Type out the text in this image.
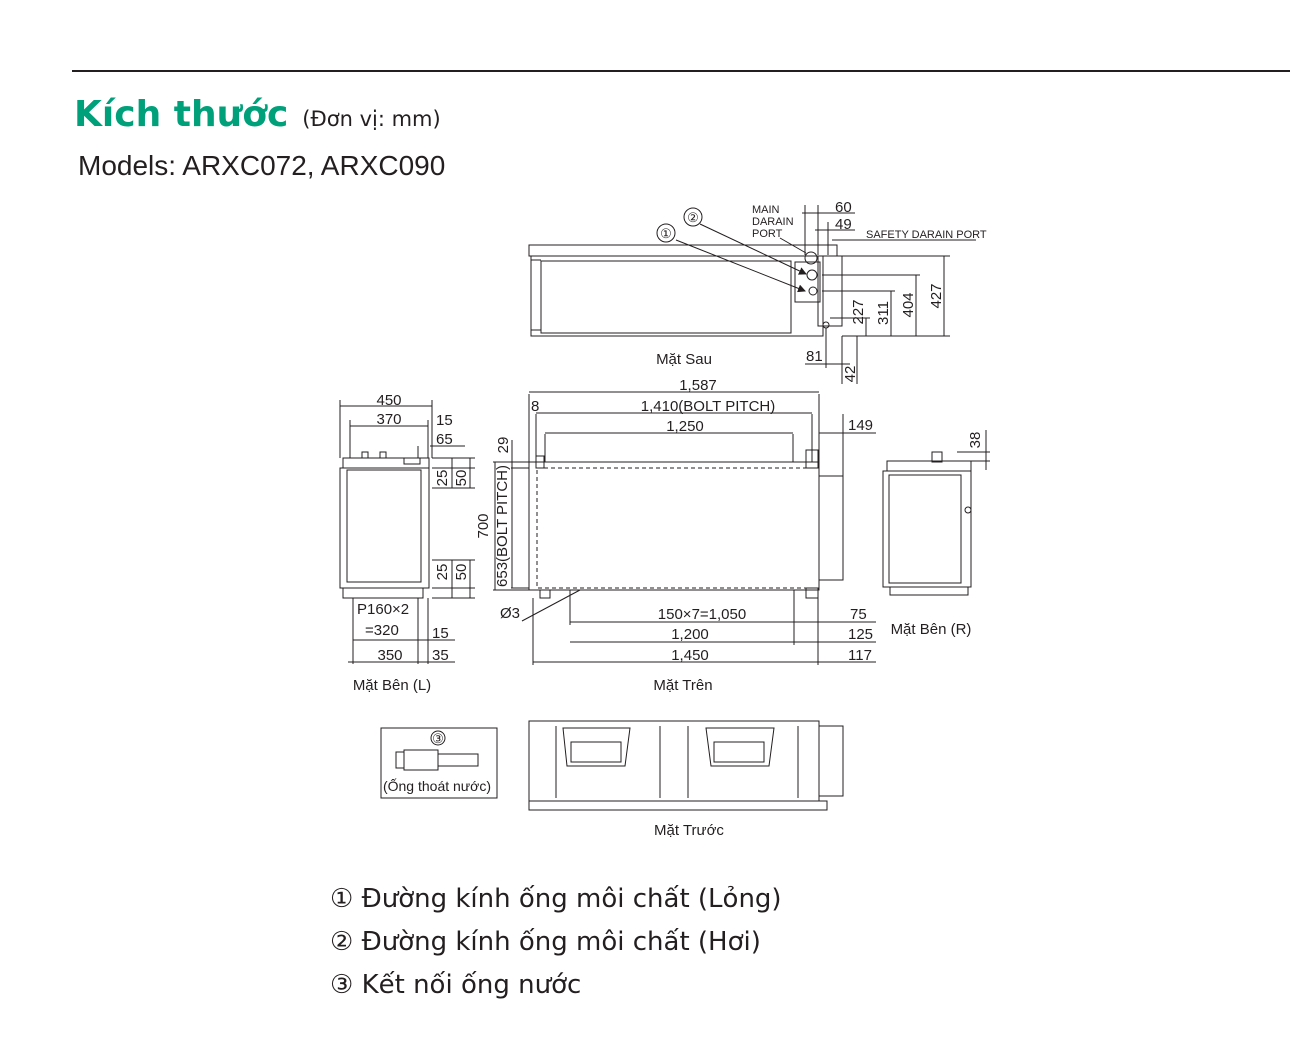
Kích thước (Đơn vị: mm)
Models: ARXC072, ARXC090
Mặt Sau
MAIN
DARAIN
PORT	SAFETY DARAIN PORT
①
②
60
49
81
427
404
311
227
42
450
370 15
65
25 50
25 50
P160×2
=320 15
350 35
Mặt Bên (L)
1,587
8	1,410(BOLT PITCH)
1,250	149
29
700 653(BOLT PITCH)
Ø3	150×7=1,050	75
1,200	125
1,450	117
Mặt Trên
Mặt Bên (R)
38
Mặt Trước
③
(Ống thoát nước)
① Đường kính ống môi chất (Lỏng)
② Đường kính ống môi chất (Hơi)
③ Kết nối ống nước
